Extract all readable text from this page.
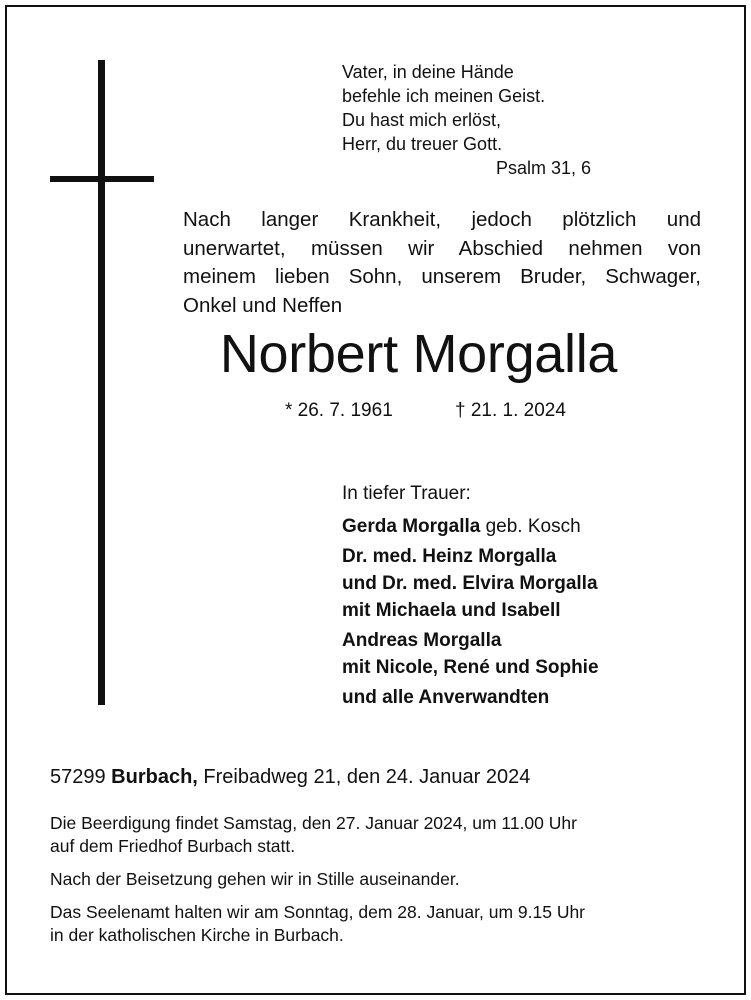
Vater, in deine Hände
befehle ich meinen Geist.
Du hast mich erlöst,
Herr, du treuer Gott.
Psalm 31, 6
Nach langer Krankheit, jedoch plötzlich und
unerwartet, müssen wir Abschied nehmen von
meinem lieben Sohn, unserem Bruder, Schwager,
Onkel und Neffen
Norbert Morgalla
* 26. 7. 1961	† 21. 1. 2024
In tiefer Trauer:
Gerda Morgalla geb. Kosch
Dr. med. Heinz Morgalla
und Dr. med. Elvira Morgalla
mit Michaela und Isabell
Andreas Morgalla
mit Nicole, René und Sophie
und alle Anverwandten
57299 Burbach, Freibadweg 21, den 24. Januar 2024
Die Beerdigung findet Samstag, den 27. Januar 2024, um 11.00 Uhr
auf dem Friedhof Burbach statt.
Nach der Beisetzung gehen wir in Stille auseinander.
Das Seelenamt halten wir am Sonntag, dem 28. Januar, um 9.15 Uhr
in der katholischen Kirche in Burbach.
